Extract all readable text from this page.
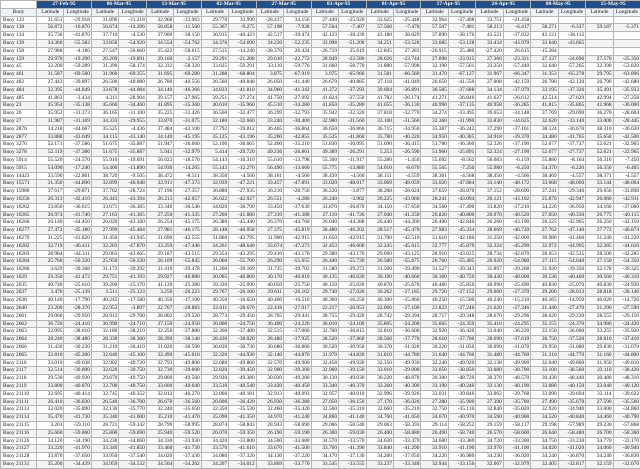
	27-Feb-95		06-Mar-95		13-Mar-95		02-Mar-95		27-Mar-95		03-Apr-95		01-Apr-95		17-Apr-95		24-Apr-95		08-May-95		15-May-95	
Buoy	Latitude	Longitude	Latitude	Longitude	Latitude	Longitude	Latitude	Longitude	Latitude	Longitude	Latitude	Longitude	Latitude	Longitude	Latitude	Longitude	Latitude	Longitude	Latitude	Longitude	Latitude	Longitude
Buoy 133	31.651	-29.918	31.896	-31.218	32.968	-33.963	29.770	33.990	-28.437	34.156	27.440	-25.920	33.625	-25.448	32.964	-27.408	33.751	-21.458				
Buoy 138	56.872	-16.870	56.674	-14.396	56.858	-11.560	55.367	-9.275	57.198	-7.928	57.564	-7.407	57.560	-7.470	57.507	-7.401	58.213	-6.417	58.271	-6.337	59.187	-5.371
Buoy 134	35.736	-41.870	37.716	-4.530	37.900	-38.150	36.915	-40.423	42.517	-39.474	42.123	-38.439	43.180	-38.629	37.890	-38.176	43.521	-37.832	43.121	-38.112		
Buoy 139	34.360	-55.582	33.856	-54.920	34.554	-54.762	34.376	-54.690	34.220	-52.235	33.998	-51.200	34.251	-53.520	33.685	-53.128	33.434	-43.970	33.640	-43.665		
Buoy 158	27.988	-4.186	27.547	-56.660	25.422	-58.615	27.515	-14.240	-28.370	26.424	-26.719	25.619	-12.845	27.283	-26.915	25.480	-27.420	26.615	-15.284			
Buoy 159	29.970	-19.290	20.269	-19.891	29.160	-2.157	29.291	-21.268	29.610	-22.772	28.949	-22.580	28.626	-23.744	27.898	-23.915	27.366	-23.321	27.337	-24.696	27.570	-25.350
Buoy 45	32.200	-59.289	31.390	-58.174	32.332	-58.320	33.625	-59.291	33.110	-59.776	31.660	-58.770	31.880	-57.998	32.190	-57.561	33.250	-57.440	32.640	-57.265	32.390	-53.820
Buoy 461	31.587	-69.560	31.960	-69.355	31.695	-69.280	31.288	-68.804	3.875	-67.919	3.975	-65.966	31.581	-66.560	31.470	-67.127	31.967	-66.347	31.353	-65.278	29.795	-63.896
Buoy 482	27.443	-39.897	26.500	-40.080	26.780	-40.556	26.560	-40.848	26.050	-41.440	26.670	-40.885	27.118	-41.049	26.650	-41.550	27.008	-42.159	26.780	-42.120	26.790	-42.680
Buoy 484	32.395	-44.849	33.678	-44.084	34.140	-46.366	34.833	-41.810	34.960	-41.342	41.372	-37.293	39.684	-36.891	36.585	-37.688	34.134	-37.979	33.195	-37.326	35.491	-35.933
Buoy 485	41.863	-3.434	4.211	-28.904	39.157	-27.965	39.251	-27.274	41.750	-27.092	41.824	-27.550	41.782	-26.174	41.271	-26.846	41.627	-26.612	42.514	-27.629	42.994	-27.258
Buoy 23	45.954	-35.138	45.660	-34.460	41.895	-35.360	40.610	-35.960	45.510	-34.280	41.850	-35.280	41.655	-36.130	40.990	-37.135	40.958	-36.285	41.815	-35.865	41.968	-36.000
Buoy 26	35.952	-31.373	36.165	-31.100	35.225	-31.426	36.560	-32.477	36.299	-32.793	35.942	-32.320	37.818	-32.770	34.274	-33.495	39.653	-34.148	37.769	-29.690	36.270	-28.604
Buoy 27	31.987	-31.169	34.333	-29.955	33.870	-31.075	32.180	-32.660	33.240	-30.400	32.980	-31.560	33.100	-31.560	32.360	-31.990	33.830	-34.625	32.620	-33.140	33.000	-28.445
Buoy 2876	34.218	-44.667	35.525	-4.436	37.484	-43.100	37.792	-39.812	36.465	-36.864	36.650	-36.866	36.715	-34.950	35.387	-36.242	37.290	-37.161	38.124	-36.670	38.310	-36.630
Buoy 2877	33.888	-43.049	34.115	-43.140	34.140	-45.195	35.125	-43.196	35.260	-42.855	35.525	-41.860	35.780	-40.220	34.950	-40.385	34.918	-39.370	34.480	-41.765	35.658	-42.500
Buoy 3276	52.171	-37.586	51.675	-35.887	51.947	-36.660	52.100	-36.665	52.460	-35.210	51.830	-36.095	51.690	-36.415	51.780	-36.360	52.326	-37.190	52.677	-37.737	52.621	-32.965
Buoy 3278	52.119	-37.386	51.675	-35.887	5.941	-32.979	5.414	-29.720	49.236	-26.861	49.389	-26.291	5.253	-26.590	51.960	-25.891	52.324	-27.190	52.677	-27.737	52.621	-22.965
Buoy 5914	55.520	-24.570	55.910	-19.691	56.023	-18.570	54.143	-16.310	55.610	-13.798	55.360	-11.917	55.280	-1.450	55.692	-8.562	56.683	-6.159	55.880	-8.164	56.310	-7.450
Buoy 5915	54.090	-17.240	54.400	-13.890	54.930	-14.265	55.143	-12.270	56.490	-13.660	55.775	-13.880	54.010	-8.670	55.565	-7.250	55.980	-6.250	54.370	-6.220	56.350	-6.465
Buoy 14423	33.590	-22.861	38.720	-9.505	38.472	-8.511	38.358	-4.560	38.161	-4.560	38.439	-4.560	38.151	-4.559	38.361	-4.568	38.456	-4.566	38.469	-4.557	38.371	-4.557
Buoy 15571	31.350	-44.890	32.899	-46.948	32.911	-47.373	32.939	-47.221	33.457	-47.891	33.020	-48.017	33.069	-48.059	33.020	-47.884	33.140	-48.172	33.068	-48.060	33.144	-48.004
Buoy 15980	37.617	-29.871	37.782	-28.724	37.196	-27.357	36.880	-27.935	36.210	-28.756	36.220	-3.877	38.208	-28.624	37.659	-28.870	37.152	-28.690	37.241	-29.340	29.656	-33.898
Buoy 16256	26.313	-42.410	26.443	-43.394	26.213	-42.657	26.622	-42.927	26.551	-4.286	26.240	-3.962	26.225	-43.060	26.241	-43.094	26.121	-43.102	25.870	-42.947	26.060	-42.911
Buoy 16262	33.850	-36.615	33.671	-36.385	33.340	-36.540	34.820	-36.790	33.450	-37.630	33.870	-36.870	34.150	-37.650	34.560	-37.490	33.820	-37.210	34.220	-36.950	34.160	-37.060
Buoy 16265	26.974	-41.740	27.163	-41.365	27.250	-41.335	27.260	-41.880	27.310	-41.388	27.110	-41.726	27.040	-41.250	26.820	-40.800	26.970	-40.520	27.050	-40.330	26.775	-40.115
Buoy 16266	26.140	-44.450	26.020	-43.160	26.254	-45.175	26.380	-45.440	26.370	-44.760	26.040	-44.388	26.440	-44.200	26.400	-42.840	26.260	-43.190	26.325	-42.965	26.250	-42.150
Buoy 16277	27.472	-45.180	27.999	-45.484	27.981	-46.175	28.148	-46.058	27.375	-45.819	28.480	-46.202	28.517	-45.470	27.983	-45.334	28.669	-46.720	27.762	-47.140	27.772	-46.874
Buoy 16279	31.225	-41.820	31.450	-41.945	31.690	-42.555	31.860	-42.795	31.900	-42.915	31.650	-42.915	31.700	-42.510	31.610	-42.180	31.250	-42.060	30.980	-41.460	31.240	-41.220
Buoy 16282	32.719	-46.411	32.203	-47.870	33.259	-47.446	34.261	-48.640	33.674	-47.273	32.453	-46.600	32.245	-45.615	32.777	-45.879	32.324	-45.290	32.972	-44.995	32.385	-44.610
Buoy 16283	28.984	-44.311	29.063	-43.665	29.187	-43.515	29.354	-43.295	29.410	-43.170	29.380	-43.170	29.090	-43.125	28.910	-43.025	28.734	-42.870	28.653	-42.535	28.500	-42.285
Buoy 16284	25.760	-56.320	25.950	-56.330	26.109	-55.845	26.060	-55.700	26.290	-55.655	26.440	-55.720	26.580	-55.675	26.760	-55.405	26.920	-54.980	27.115	-54.640	27.150	-54.350
Buoy 16286	3.629	-39.368	31.172	-39.292	31.419	-39.478	31.260	-39.169	31.735	-39.703	31.580	-39.272	31.500	-39.490	31.527	-39.343	31.897	-39.268	31.920	-39.350	32.178	-39.325
Buoy 1629	29.350	-41.472	29.751	-41.193	29.927	-40.880	30.005	-40.860	30.170	-40.810	30.135	-40.620	30.190	-40.660	30.360	-40.750	30.430	-40.600	30.536	-40.460	30.560	-40.310
Buoy 2635	40.740	-25.610	39.200	-25.170	41.120	-25.380	39.330	-25.090	40.050	-25.750	40.150	-25.020	40.870	-25.670	40.480	-25.850	40.990	-25.490	40.830	-25.070	40.830	-24.930
Buoy 2637	3.476	-25.139	3.511	-25.123	3.256	-26.223	29.767	-26.160	29.611	-26.162	29.740	-27.026	30.262	-27.185	29.720	-27.152	29.600	-27.370	29.200	-28.013	28.818	-28.140
Buoy 2638	40.140	-17.790	40.245	-17.580	40.350	-17.100	40.350	-16.650	40.460	-16.510	40.360	-16.250	40.300	-15.860	40.250	-15.500	40.240	-15.210	40.165	-14.950	40.020	-14.720
Buoy 2640	23.200	-28.370	22.953	-3.897	22.767	-28.883	22.611	-28.670	22.418	-27.017	22.217	-26.953	22.006	-27.100	21.823	-27.246	21.620	-27.346	21.440	-27.470	21.290	-27.590
Buoy 2661	29.066	-29.950	28.912	-29.700	28.802	-29.520	28.774	-29.456	28.765	-29.441	28.755	-29.420	28.742	-29.394	28.717	-29.348	28.670	-29.296	28.620	-29.220	28.555	-29.150
Buoy 2662	36.720	-24.410	36.990	-24.710	37.150	-24.950	36.860	-24.750	36.400	-24.220	36.010	-24.100	35.805	-24.200	35.665	-24.350	35.410	-24.295	35.155	-24.370	34.980	-24.420
Buoy 2663	32.095	-38.610	32.180	-38.210	32.250	-37.880	32.360	-37.480	32.515	-37.060	32.700	-36.815	32.810	-36.600	32.920	-36.420	33.040	-36.220	33.150	-36.060	33.255	-35.920
Buoy 2664	28.240	-38.480	28.330	-38.300	28.390	-38.140	28.430	-38.020	28.480	-37.925	28.520	-37.860	28.560	-37.770	28.610	-37.700	28.690	-37.610	28.750	-37.520	28.810	-37.410
Buoy 2666	31.430	-30.230	31.210	-30.410	31.020	-30.590	30.830	-30.730	30.680	-30.860	30.520	-30.950	30.370	-31.020	30.220	-31.050	30.090	-31.070	29.950	-31.080	29.830	-31.070
Buoy 2665	32.810	-45.200	32.640	-45.100	32.490	-45.010	32.320	-44.930	32.140	-44.870	31.970	-44.820	31.810	-44.780	31.640	-44.760	31.480	-44.760	31.310	-44.770	31.160	-44.800
Buoy 2116	33.010	-49.638	32.902	-49.720	32.793	-49.800	32.680	-49.860	32.570	-49.900	32.458	-49.920	32.350	-49.930	32.240	-49.920	32.138	-49.900	32.040	-49.860	31.950	-49.810
Buoy 2117	32.514	-39.890	32.620	-39.750	32.730	-39.600	32.820	-39.450	32.900	-39.300	32.960	-39.150	33.010	-39.000	33.050	-38.850	33.080	-38.700	33.100	-38.560	33.110	-38.420
Buoy 2118	29.530	-49.930	29.670	-49.750	29.800	-49.560	29.920	-49.380	30.030	-49.200	30.130	-49.030	30.220	-48.870	30.300	-48.720	30.370	-48.570	30.430	-48.440	30.480	-48.310
Buoy 2119	33.800	-40.870	33.700	-40.750	33.600	-40.640	33.510	-40.540	33.420	-40.450	33.340	-40.370	33.260	-40.300	33.190	-40.240	33.130	-40.190	33.080	-40.150	33.040	-40.120
Buoy 21110	32.695	-40.414	32.745	-40.352	32.812	-40.270	32.866	-40.181	32.913	-40.093	32.957	-40.010	32.996	-39.926	33.031	-39.846	33.062	-39.768	33.090	-39.694	33.114	-39.622
Buoy 21111	26.410	-36.830	26.540	-36.700	26.670	-36.560	26.800	-36.420	26.930	-36.280	27.050	-36.150	27.170	-36.020	27.280	-35.900	27.390	-35.780	27.490	-35.670	27.590	-35.560
Buoy 21113	32.020	-35.890	32.130	-35.770	32.240	-35.650	32.350	-35.530	32.460	-35.420	32.560	-35.310	32.660	-35.210	32.750	-35.110	32.840	-35.020	32.920	-34.940	33.000	-34.860
Buoy 21114	35.470	-41.730	35.340	-41.600	35.210	-41.470	35.090	-41.350	34.970	-41.240	34.860	-41.140	34.760	-41.050	34.670	-40.970	34.590	-40.900	34.520	-40.840	34.460	-40.790
Buoy 21115	3.203	-59.110	28.721	-59.142	28.799	-58.995	28.874	-58.843	28.943	-58.690	29.006	-58.540	29.063	-58.393	29.114	-58.252	29.159	-58.117	29.198	-57.989	29.230	-57.868
Buoy 21116	25.660	-59.860	25.800	-59.690	25.940	-59.520	26.070	-59.350	26.190	-59.190	26.300	-59.030	26.400	-58.880	26.490	-58.740	26.570	-58.600	26.640	-58.480	26.700	-58.360
Buoy 21126	34.120	-34.190	34.230	-34.060	34.330	-33.930	34.420	-33.800	34.500	-33.680	34.570	-33.570	34.630	-33.470	34.680	-33.380	34.720	-33.300	34.750	-33.230	34.770	-33.170
Buoy 21127	33.220	-41.970	33.340	-41.850	33.460	-41.730	33.570	-41.610	33.670	-41.500	33.760	-41.390	33.840	-41.290	33.910	-41.190	33.970	-41.100	34.020	-41.020	34.060	-40.940
Buoy 21128	33.870	-37.650	33.950	-37.540	34.020	-37.430	34.080	-37.320	34.130	-37.220	34.170	-37.130	34.200	-37.050	34.220	-36.980	34.230	-36.920	34.240	-36.870	34.240	-36.830
Buoy 21131	35.200	-34.439	34.959	-34.532	34.564	-34.262	34.207	-34.012	33.869	-33.776	33.545	-33.555	33.237	-33.348	32.944	-33.156	32.667	-32.979	32.405	-32.817	32.159	-32.670
